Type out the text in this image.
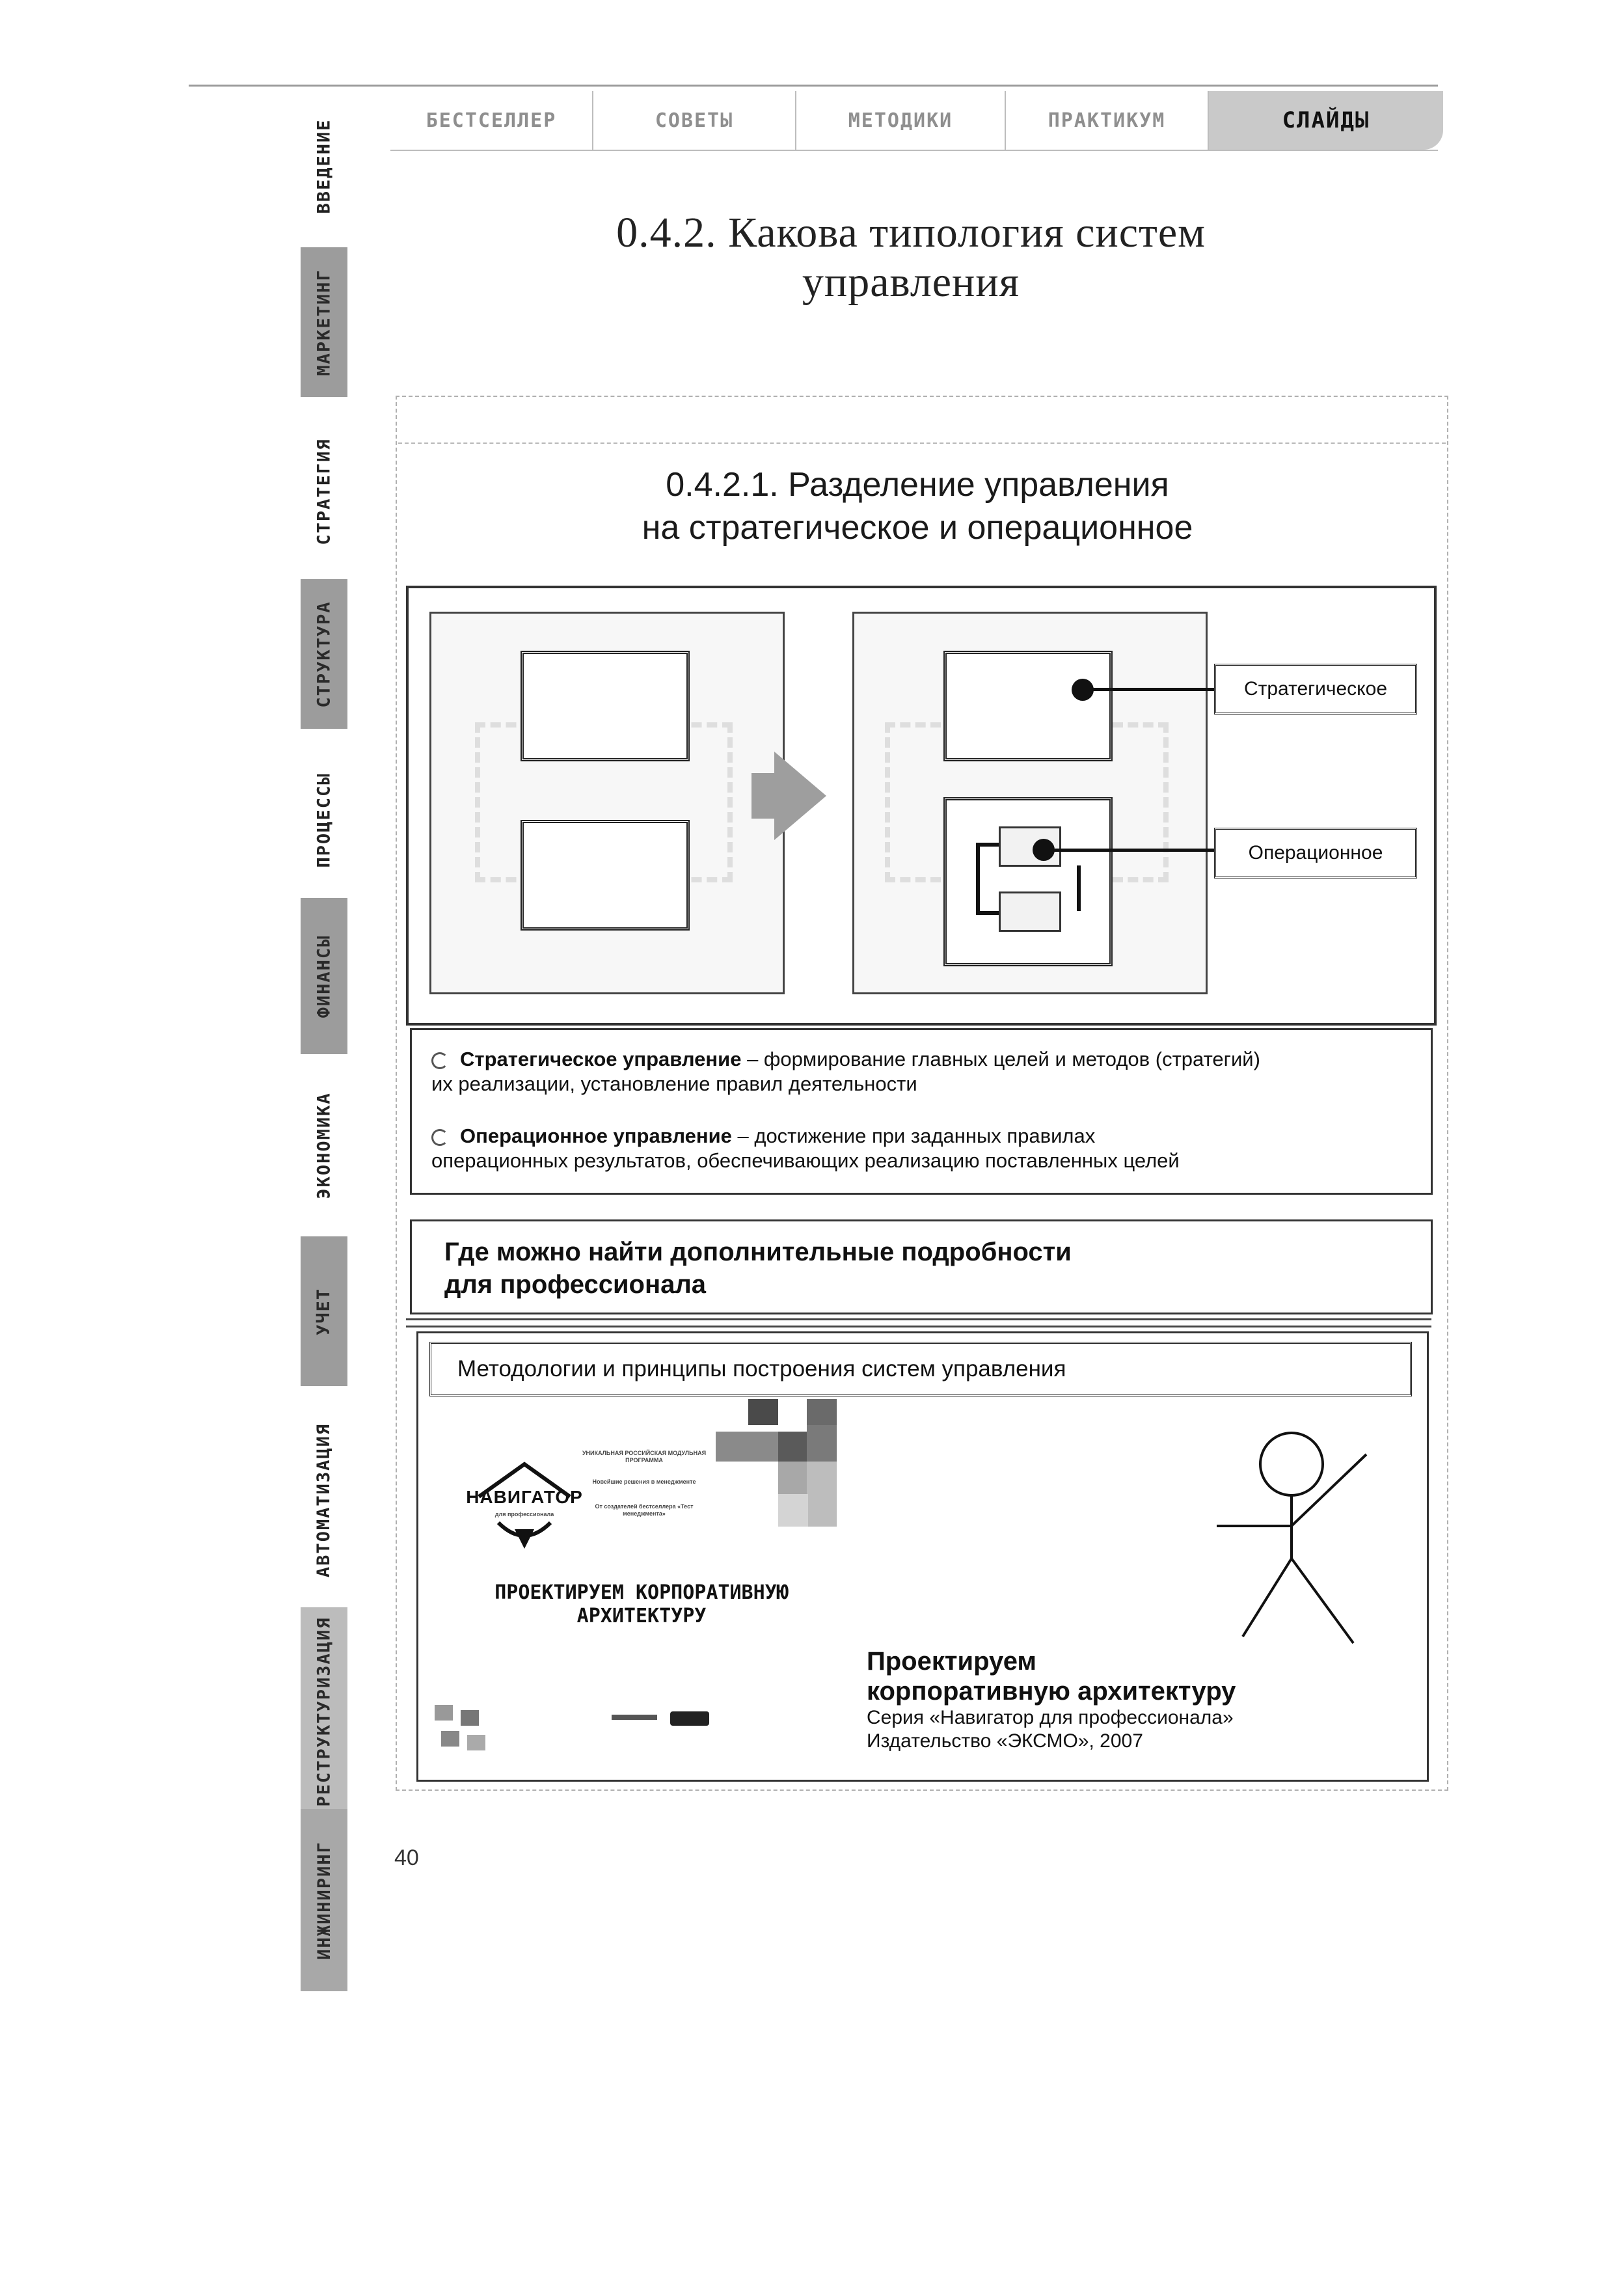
БЕСТСЕЛЛЕР	СОВЕТЫ	МЕТОДИКИ	ПРАКТИКУМ	СЛАЙДЫ
ВВЕДЕНИЕ
МАРКЕТИНГ
СТРАТЕГИЯ
СТРУКТУРА
ПРОЦЕССЫ
ФИНАНСЫ
ЭКОНОМИКА
УЧЕТ
АВТОМАТИЗАЦИЯ
РЕСТРУКТУРИЗАЦИЯ
ИНЖИНИРИНГ
0.4.2. Какова типология систем
управления
0.4.2.1. Разделение управления
на стратегическое и операционное
Стратегическое
Операционное
Стратегическое управление – формирование главных целей и методов (стратегий)
их реализации, установление правил деятельности
Операционное управление – достижение при заданных правилах
операционных результатов, обеспечивающих реализацию поставленных целей
Где можно найти дополнительные подробности
для профессионала
Методологии и принципы построения систем управления
НАВИГАТОР
для профессионала
УНИКАЛЬНАЯ РОССИЙСКАЯ МОДУЛЬНАЯ ПРОГРАММА
Новейшие решения в менеджменте
От создателей бестселлера «Тест менеджмента»
ПРОЕКТИРУЕМ КОРПОРАТИВНУЮ
АРХИТЕКТУРУ
Проектируем
корпоративную архитектуру
Серия «Навигатор для профессионала»
Издательство «ЭКСМО», 2007
40
